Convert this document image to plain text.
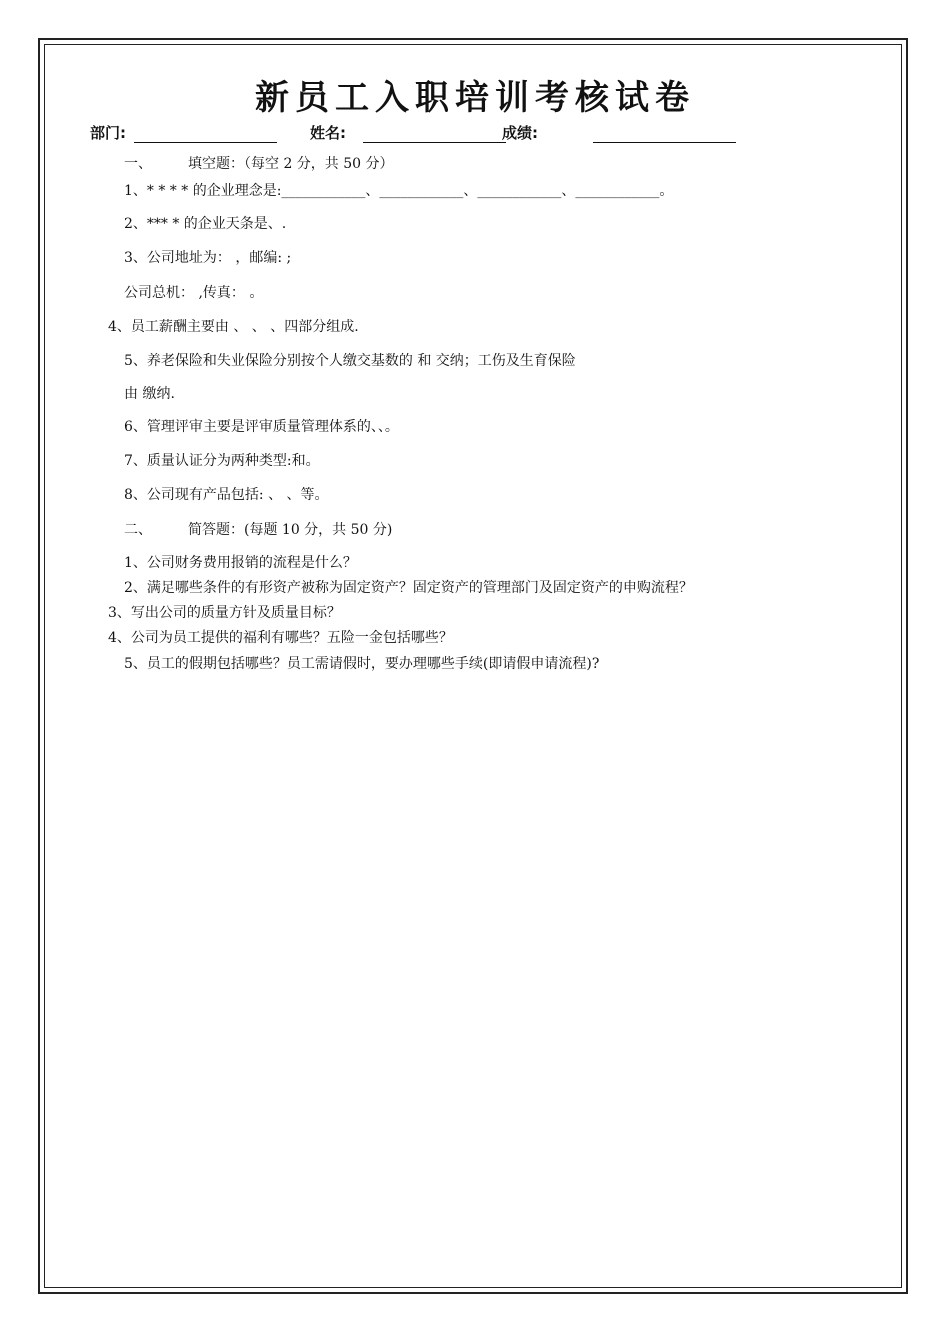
新员工入职培训考核试卷
部门:	姓名:	成绩:
一、	填空题：（每空 2 分，共 50 分）
1、* * * * 的企业理念是:____________、____________、____________、____________。
2、*** * 的企业天条是、.
3、公司地址为： ，邮编: ;
公司总机： ,传真： 。
4、员工薪酬主要由 、 、 、四部分组成.
5、养老保险和失业保险分别按个人缴交基数的 和 交纳；工伤及生育保险
由 缴纳.
6、管理评审主要是评审质量管理体系的、、。
7、质量认证分为两种类型:和。
8、公司现有产品包括: 、 、等。
二、	简答题：(每题 10 分，共 50 分)
1、公司财务费用报销的流程是什么？
2、满足哪些条件的有形资产被称为固定资产？固定资产的管理部门及固定资产的申购流程？
3、写出公司的质量方针及质量目标？
4、公司为员工提供的福利有哪些？五险一金包括哪些？
5、员工的假期包括哪些？员工需请假时，要办理哪些手续(即请假申请流程)?
